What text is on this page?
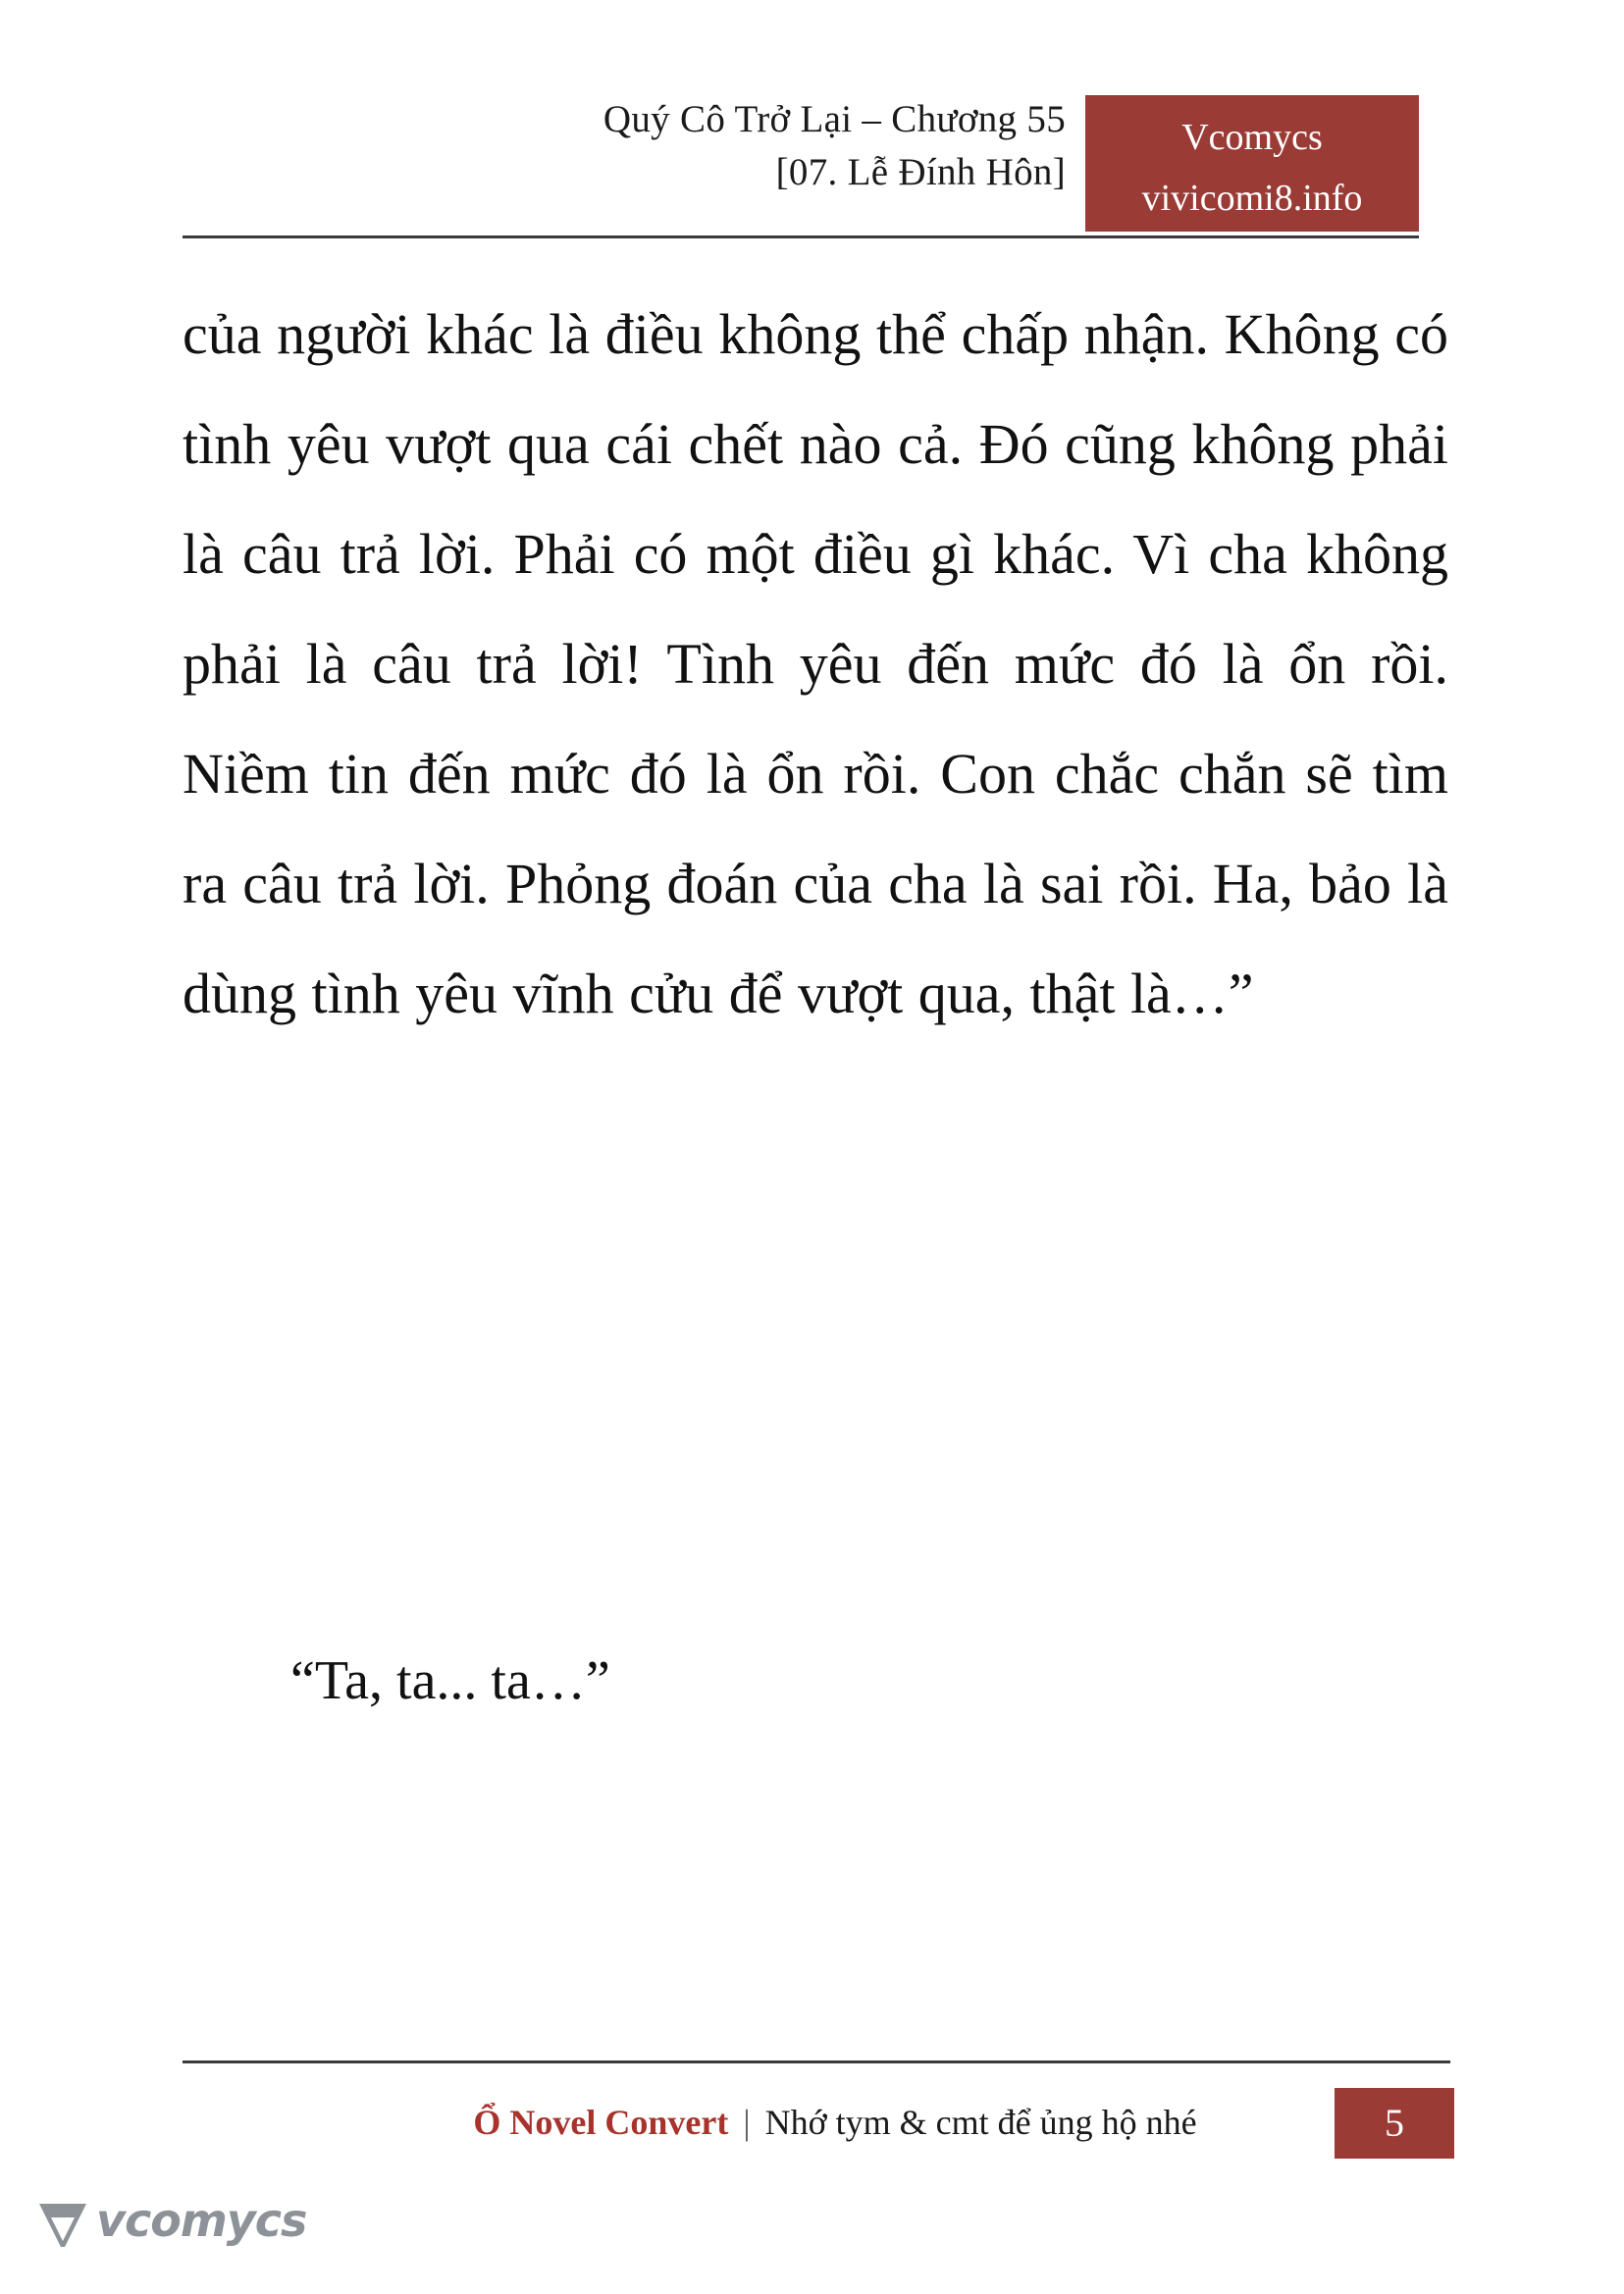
Quý Cô Trở Lại – Chương 55
[07. Lễ Đính Hôn]
Vcomycs
vivicomi8.info

của người khác là điều không thể chấp nhận. Không có tình yêu vượt qua cái chết nào cả. Đó cũng không phải là câu trả lời. Phải có một điều gì khác. Vì cha không phải là câu trả lời! Tình yêu đến mức đó là ổn rồi. Niềm tin đến mức đó là ổn rồi. Con chắc chắn sẽ tìm ra câu trả lời. Phỏng đoán của cha là sai rồi. Ha, bảo là dùng tình yêu vĩnh cửu để vượt qua, thật là…”

“Ta, ta... ta…”
Ổ Novel Convert | Nhớ tym & cmt để ủng hộ nhé	5
vcomycs
